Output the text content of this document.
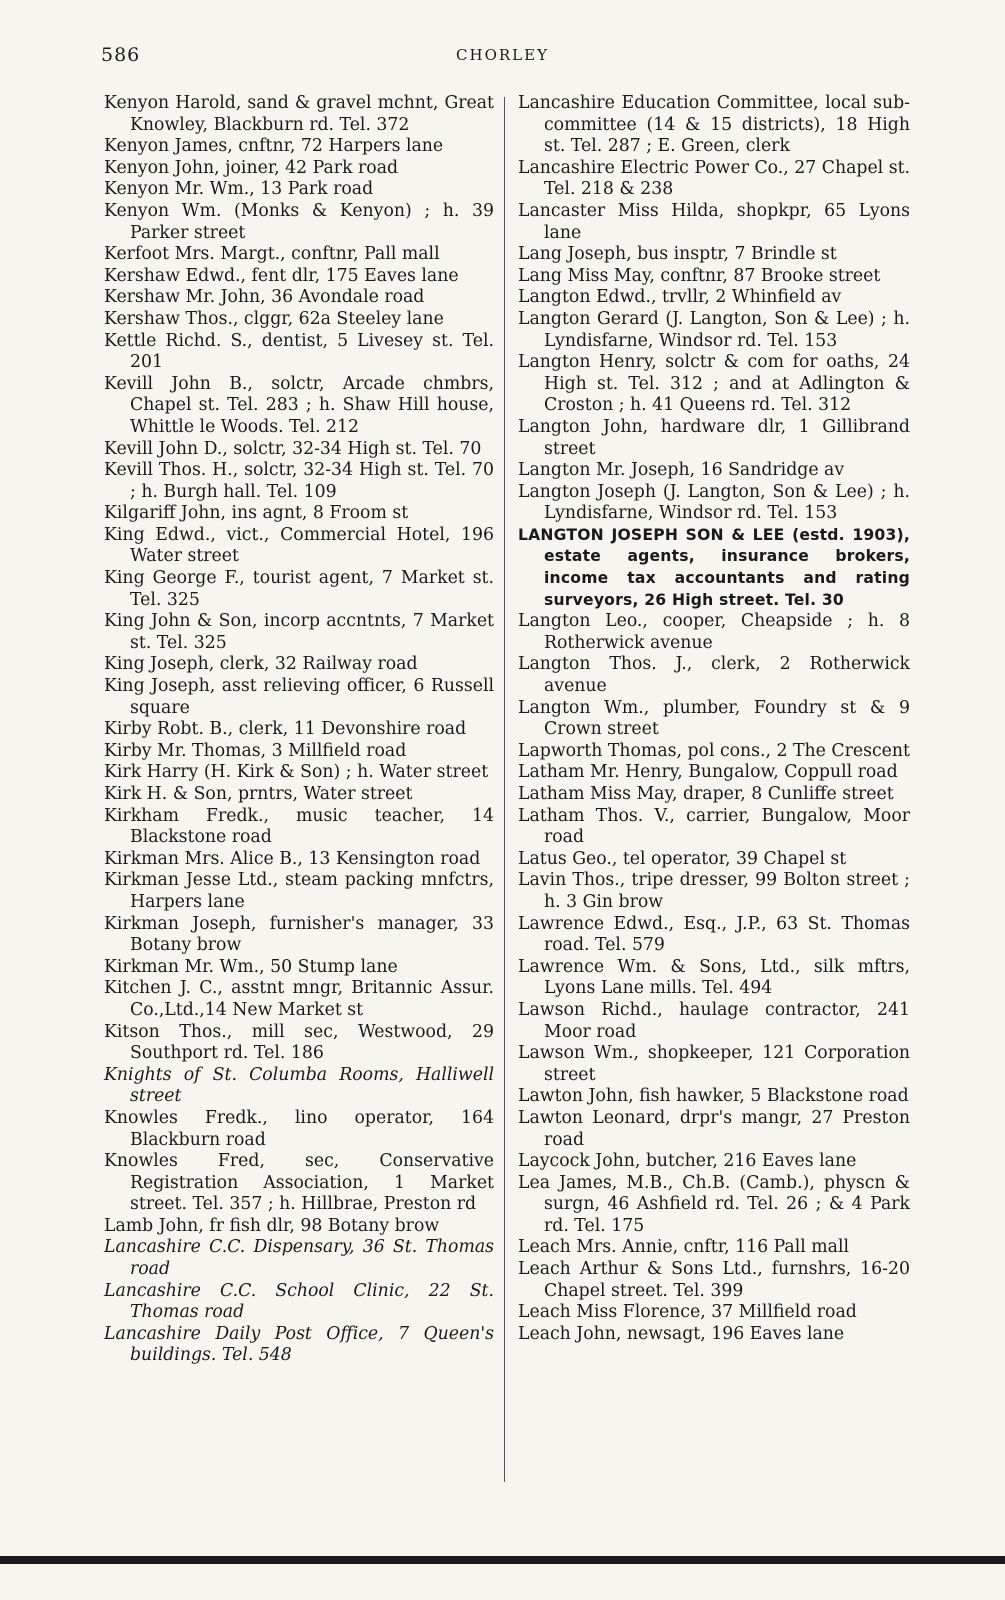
586	CHORLEY

Kenyon Harold, sand & gravel mchnt, Great Knowley, Blackburn rd. Tel. 372

Kenyon James, cnftnr, 72 Harpers lane

Kenyon John, joiner, 42 Park road

Kenyon Mr. Wm., 13 Park road

Kenyon Wm. (Monks & Kenyon) ; h. 39 Parker street

Kerfoot Mrs. Margt., conftnr, Pall mall

Kershaw Edwd., fent dlr, 175 Eaves lane

Kershaw Mr. John, 36 Avondale road

Kershaw Thos., clggr, 62a Steeley lane

Kettle Richd. S., dentist, 5 Livesey st. Tel. 201

Kevill John B., solctr, Arcade chmbrs, Chapel st. Tel. 283 ; h. Shaw Hill house, Whittle le Woods. Tel. 212

Kevill John D., solctr, 32-34 High st. Tel. 70

Kevill Thos. H., solctr, 32-34 High st. Tel. 70 ; h. Burgh hall. Tel. 109

Kilgariff John, ins agnt, 8 Froom st

King Edwd., vict., Commercial Hotel, 196 Water street

King George F., tourist agent, 7 Market st. Tel. 325

King John & Son, incorp accntnts, 7 Market st. Tel. 325

King Joseph, clerk, 32 Railway road

King Joseph, asst relieving officer, 6 Russell square

Kirby Robt. B., clerk, 11 Devonshire road

Kirby Mr. Thomas, 3 Millfield road

Kirk Harry (H. Kirk & Son) ; h. Water street

Kirk H. & Son, prntrs, Water street

Kirkham Fredk., music teacher, 14 Blackstone road

Kirkman Mrs. Alice B., 13 Kensington road

Kirkman Jesse Ltd., steam packing mnfctrs, Harpers lane

Kirkman Joseph, furnisher's manager, 33 Botany brow

Kirkman Mr. Wm., 50 Stump lane

Kitchen J. C., asstnt mngr, Britannic Assur. Co.,Ltd.,14 New Market st

Kitson Thos., mill sec, Westwood, 29 Southport rd. Tel. 186

Knights of St. Columba Rooms, Halliwell street

Knowles Fredk., lino operator, 164 Blackburn road

Knowles Fred, sec, Conservative Registration Association, 1 Market street. Tel. 357 ; h. Hillbrae, Preston rd

Lamb John, fr fish dlr, 98 Botany brow

Lancashire C.C. Dispensary, 36 St. Thomas road

Lancashire C.C. School Clinic, 22 St. Thomas road

Lancashire Daily Post Office, 7 Queen's buildings. Tel. 548

Lancashire Education Committee, local sub-committee (14 & 15 districts), 18 High st. Tel. 287 ; E. Green, clerk

Lancashire Electric Power Co., 27 Chapel st. Tel. 218 & 238

Lancaster Miss Hilda, shopkpr, 65 Lyons lane

Lang Joseph, bus insptr, 7 Brindle st

Lang Miss May, conftnr, 87 Brooke street

Langton Edwd., trvllr, 2 Whinfield av

Langton Gerard (J. Langton, Son & Lee) ; h. Lyndisfarne, Windsor rd. Tel. 153

Langton Henry, solctr & com for oaths, 24 High st. Tel. 312 ; and at Adlington & Croston ; h. 41 Queens rd. Tel. 312

Langton John, hardware dlr, 1 Gillibrand street

Langton Mr. Joseph, 16 Sandridge av

Langton Joseph (J. Langton, Son & Lee) ; h. Lyndisfarne, Windsor rd. Tel. 153

LANGTON JOSEPH SON & LEE (estd. 1903), estate agents, insurance brokers, income tax accountants and rating surveyors, 26 High street. Tel. 30

Langton Leo., cooper, Cheapside ; h. 8 Rotherwick avenue

Langton Thos. J., clerk, 2 Rotherwick avenue

Langton Wm., plumber, Foundry st & 9 Crown street

Lapworth Thomas, pol cons., 2 The Crescent

Latham Mr. Henry, Bungalow, Coppull road

Latham Miss May, draper, 8 Cunliffe street

Latham Thos. V., carrier, Bungalow, Moor road

Latus Geo., tel operator, 39 Chapel st

Lavin Thos., tripe dresser, 99 Bolton street ; h. 3 Gin brow

Lawrence Edwd., Esq., J.P., 63 St. Thomas road. Tel. 579

Lawrence Wm. & Sons, Ltd., silk mftrs, Lyons Lane mills. Tel. 494

Lawson Richd., haulage contractor, 241 Moor road

Lawson Wm., shopkeeper, 121 Corporation street

Lawton John, fish hawker, 5 Blackstone road

Lawton Leonard, drpr's mangr, 27 Preston road

Laycock John, butcher, 216 Eaves lane

Lea James, M.B., Ch.B. (Camb.), physcn & surgn, 46 Ashfield rd. Tel. 26 ; & 4 Park rd. Tel. 175

Leach Mrs. Annie, cnftr, 116 Pall mall

Leach Arthur & Sons Ltd., furnshrs, 16-20 Chapel street. Tel. 399

Leach Miss Florence, 37 Millfield road

Leach John, newsagt, 196 Eaves lane
